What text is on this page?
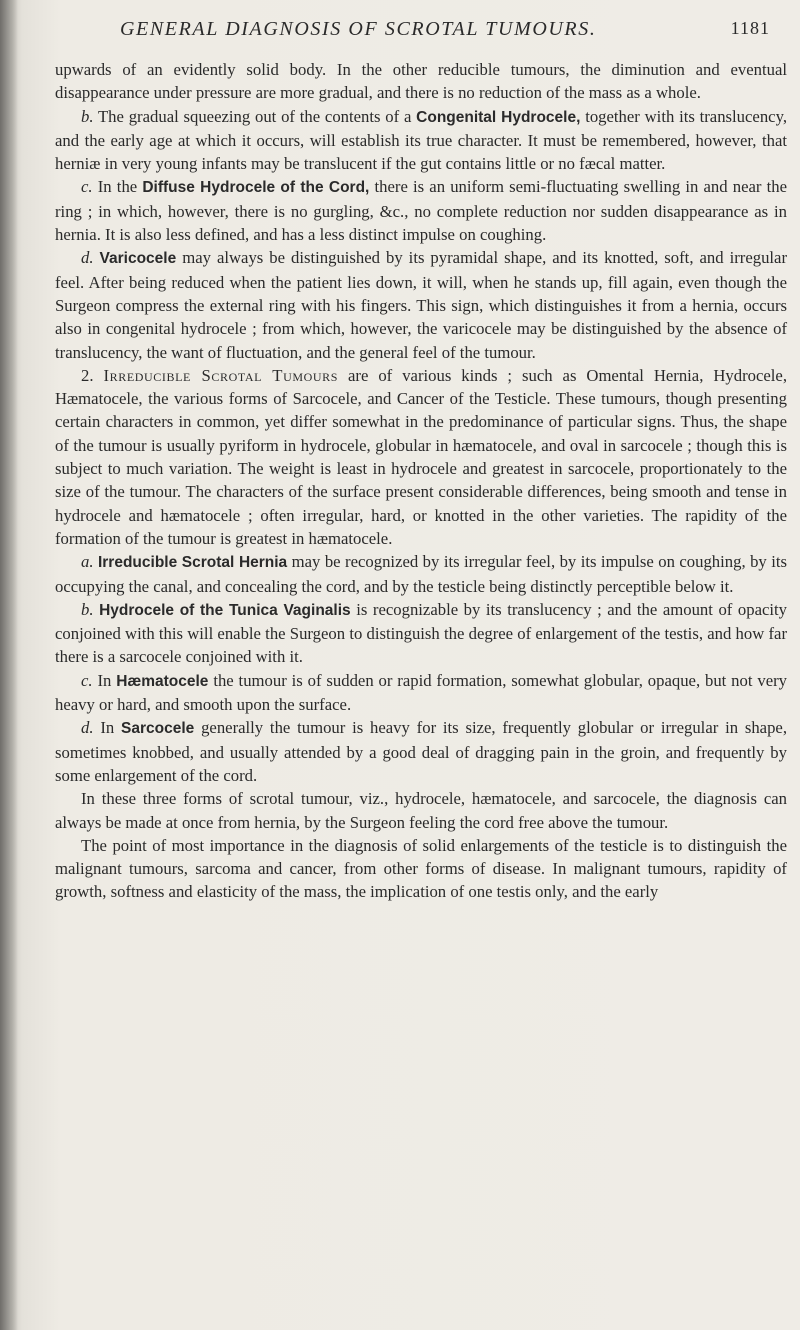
GENERAL DIAGNOSIS OF SCROTAL TUMOURS.	1181

upwards of an evidently solid body. In the other reducible tumours, the diminution and eventual disappearance under pressure are more gradual, and there is no reduction of the mass as a whole.

b. The gradual squeezing out of the contents of a Congenital Hydrocele, together with its translucency, and the early age at which it occurs, will establish its true character. It must be remembered, however, that herniæ in very young infants may be translucent if the gut contains little or no fæcal matter.

c. In the Diffuse Hydrocele of the Cord, there is an uniform semi-fluctuating swelling in and near the ring ; in which, however, there is no gurgling, &c., no complete reduction nor sudden disappearance as in hernia. It is also less defined, and has a less distinct impulse on coughing.

d. Varicocele may always be distinguished by its pyramidal shape, and its knotted, soft, and irregular feel. After being reduced when the patient lies down, it will, when he stands up, fill again, even though the Surgeon compress the external ring with his fingers. This sign, which distinguishes it from a hernia, occurs also in congenital hydrocele ; from which, however, the varicocele may be distinguished by the absence of translucency, the want of fluctuation, and the general feel of the tumour.

2. Irreducible Scrotal Tumours are of various kinds ; such as Omental Hernia, Hydrocele, Hæmatocele, the various forms of Sarcocele, and Cancer of the Testicle. These tumours, though presenting certain characters in common, yet differ somewhat in the predominance of particular signs. Thus, the shape of the tumour is usually pyriform in hydrocele, globular in hæmatocele, and oval in sarcocele ; though this is subject to much variation. The weight is least in hydrocele and greatest in sarcocele, proportionately to the size of the tumour. The characters of the surface present considerable differences, being smooth and tense in hydrocele and hæmatocele ; often irregular, hard, or knotted in the other varieties. The rapidity of the formation of the tumour is greatest in hæmatocele.

a. Irreducible Scrotal Hernia may be recognized by its irregular feel, by its impulse on coughing, by its occupying the canal, and concealing the cord, and by the testicle being distinctly perceptible below it.

b. Hydrocele of the Tunica Vaginalis is recognizable by its translucency ; and the amount of opacity conjoined with this will enable the Surgeon to distinguish the degree of enlargement of the testis, and how far there is a sarcocele conjoined with it.

c. In Hæmatocele the tumour is of sudden or rapid formation, somewhat globular, opaque, but not very heavy or hard, and smooth upon the surface.

d. In Sarcocele generally the tumour is heavy for its size, frequently globular or irregular in shape, sometimes knobbed, and usually attended by a good deal of dragging pain in the groin, and frequently by some enlargement of the cord.

In these three forms of scrotal tumour, viz., hydrocele, hæmatocele, and sarcocele, the diagnosis can always be made at once from hernia, by the Surgeon feeling the cord free above the tumour.

The point of most importance in the diagnosis of solid enlargements of the testicle is to distinguish the malignant tumours, sarcoma and cancer, from other forms of disease. In malignant tumours, rapidity of growth, softness and elasticity of the mass, the implication of one testis only, and the early
